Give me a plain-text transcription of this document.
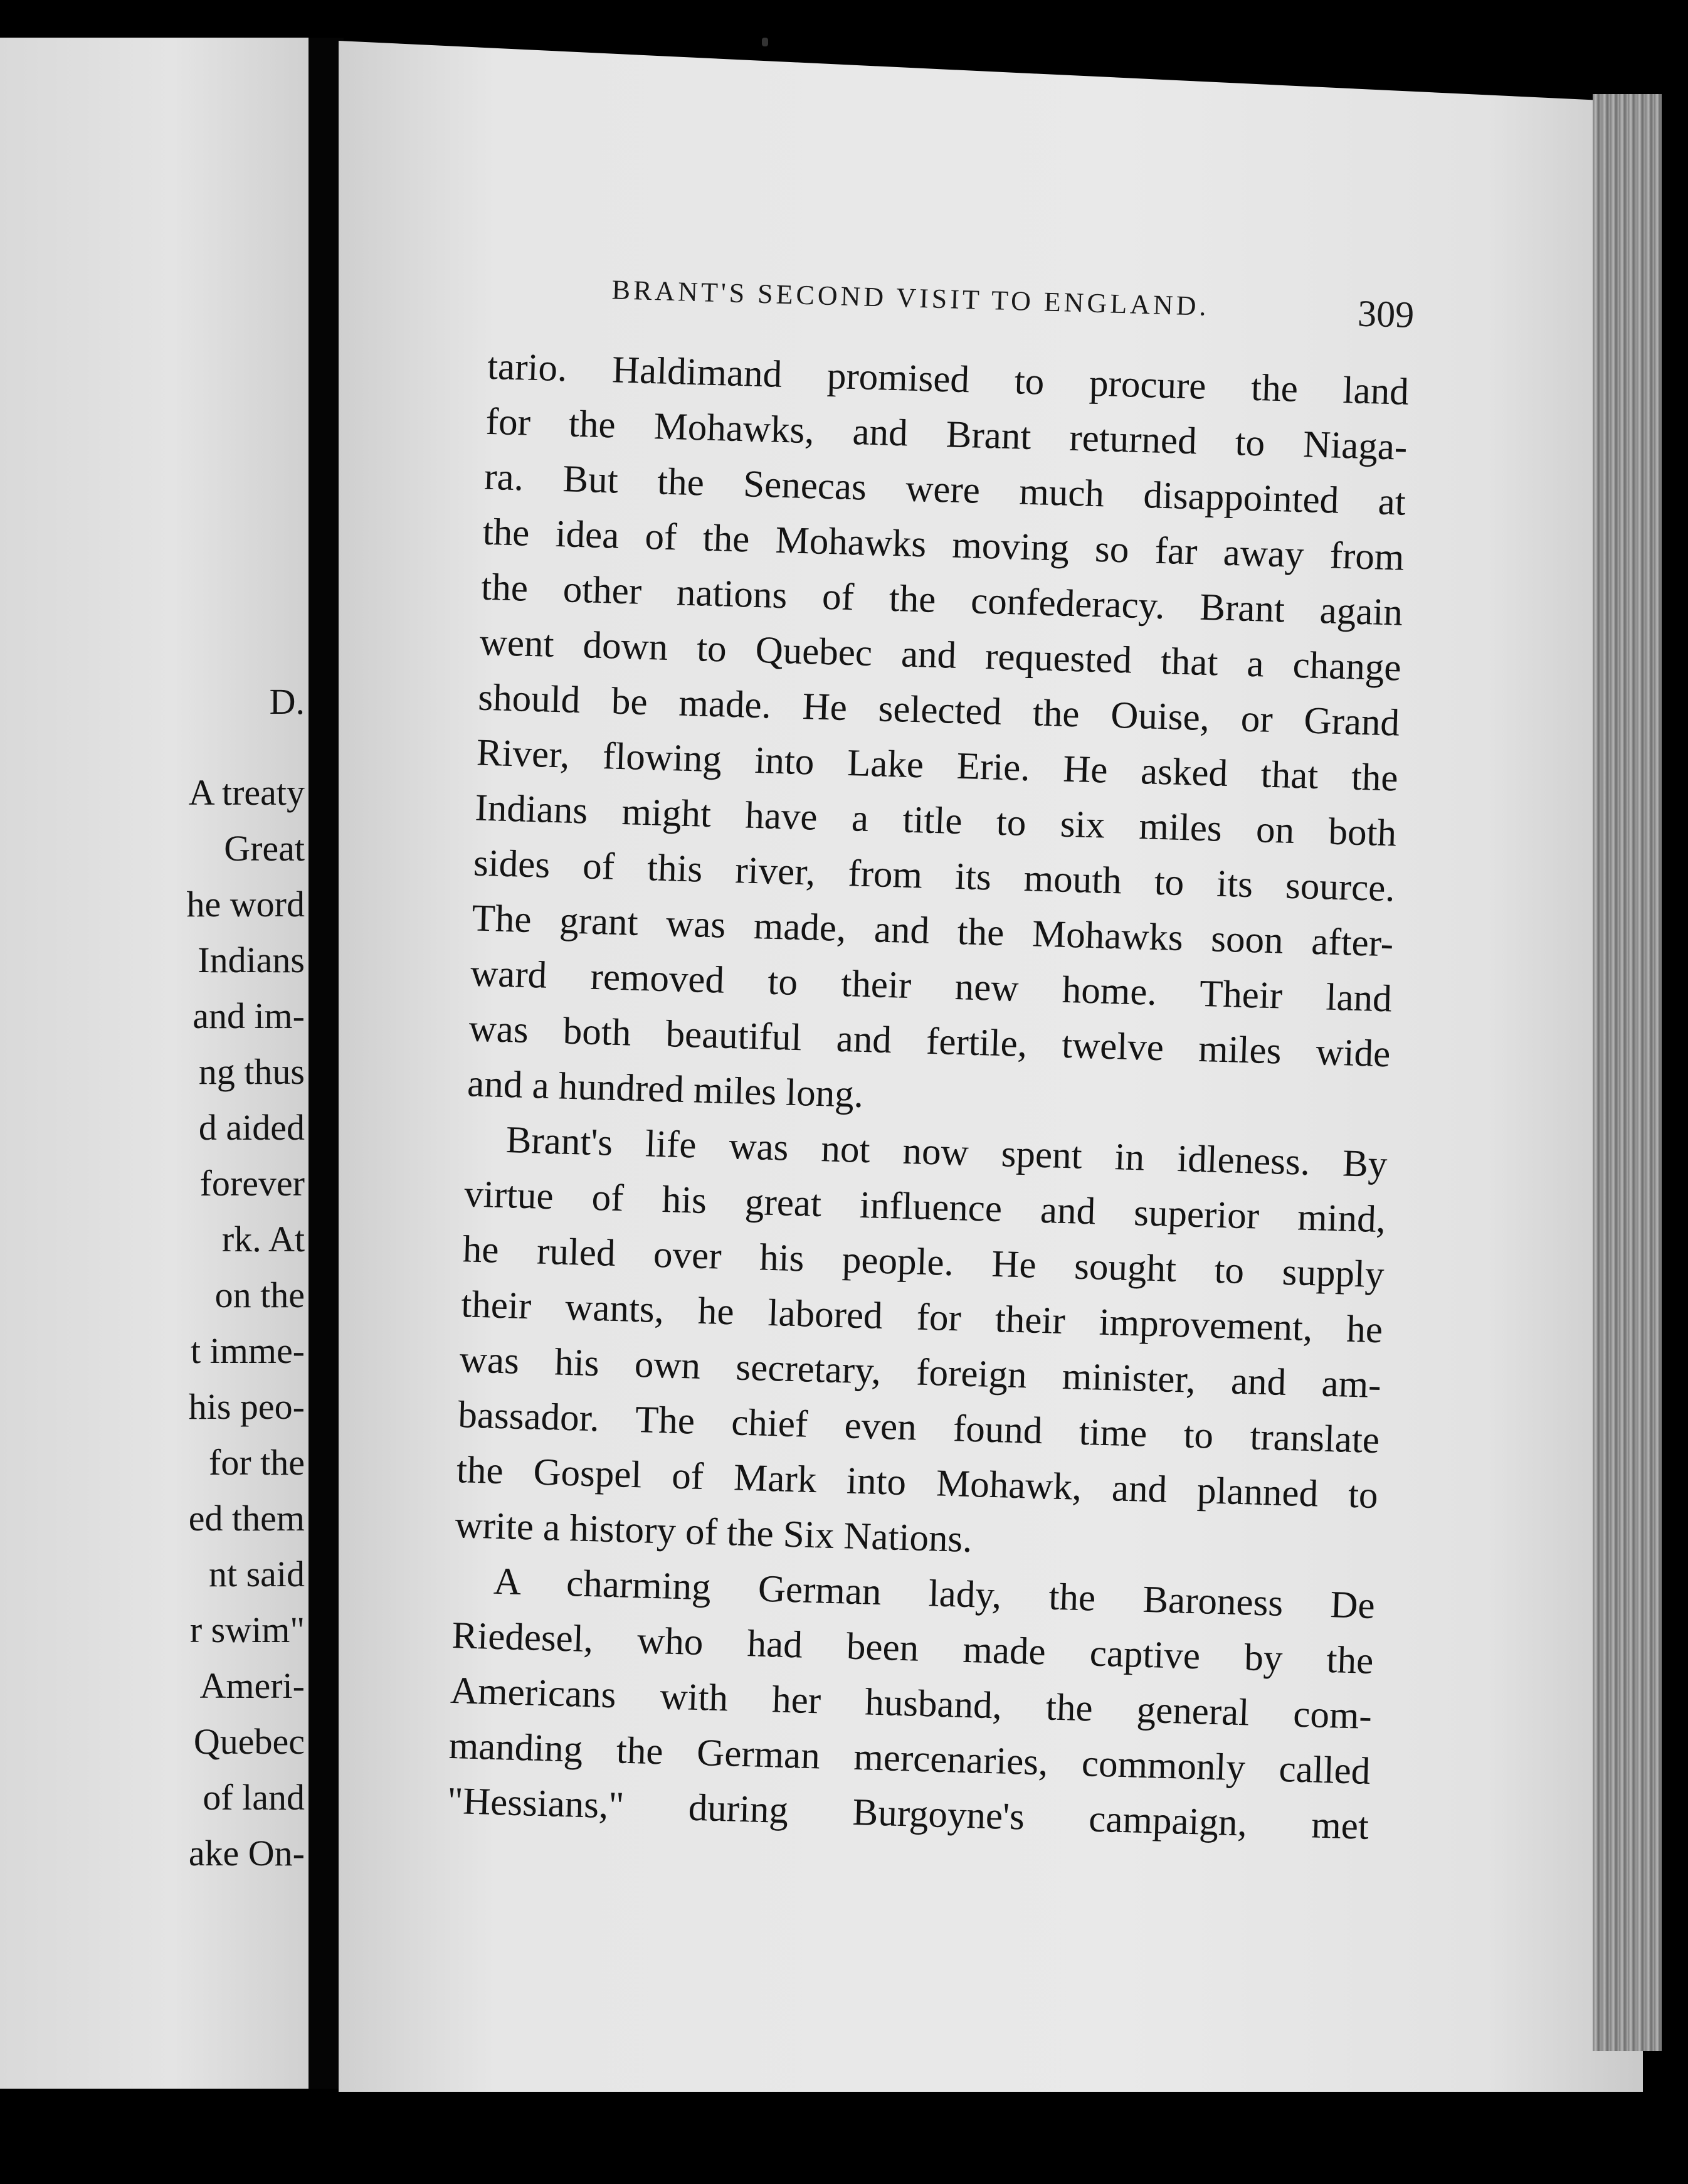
D.
A treaty
Great
he word
Indians
and im-
ng thus
d aided
forever
rk. At
on the
t imme-
his peo-
for the
ed them
nt said
r swim"
Ameri-
Quebec
of land
ake On-
BRANT'S SECOND VISIT TO ENGLAND.	309
tario. Haldimand promised to procure the land
for the Mohawks, and Brant returned to Niaga-
ra. But the Senecas were much disappointed at
the idea of the Mohawks moving so far away from
the other nations of the confederacy. Brant again
went down to Quebec and requested that a change
should be made. He selected the Ouise, or Grand
River, flowing into Lake Erie. He asked that the
Indians might have a title to six miles on both
sides of this river, from its mouth to its source.
The grant was made, and the Mohawks soon after-
ward removed to their new home. Their land
was both beautiful and fertile, twelve miles wide
and a hundred miles long.
Brant's life was not now spent in idleness. By
virtue of his great influence and superior mind,
he ruled over his people. He sought to supply
their wants, he labored for their improvement, he
was his own secretary, foreign minister, and am-
bassador. The chief even found time to translate
the Gospel of Mark into Mohawk, and planned to
write a history of the Six Nations.
A charming German lady, the Baroness De
Riedesel, who had been made captive by the
Americans with her husband, the general com-
manding the German mercenaries, commonly called
"Hessians," during Burgoyne's campaign, met
